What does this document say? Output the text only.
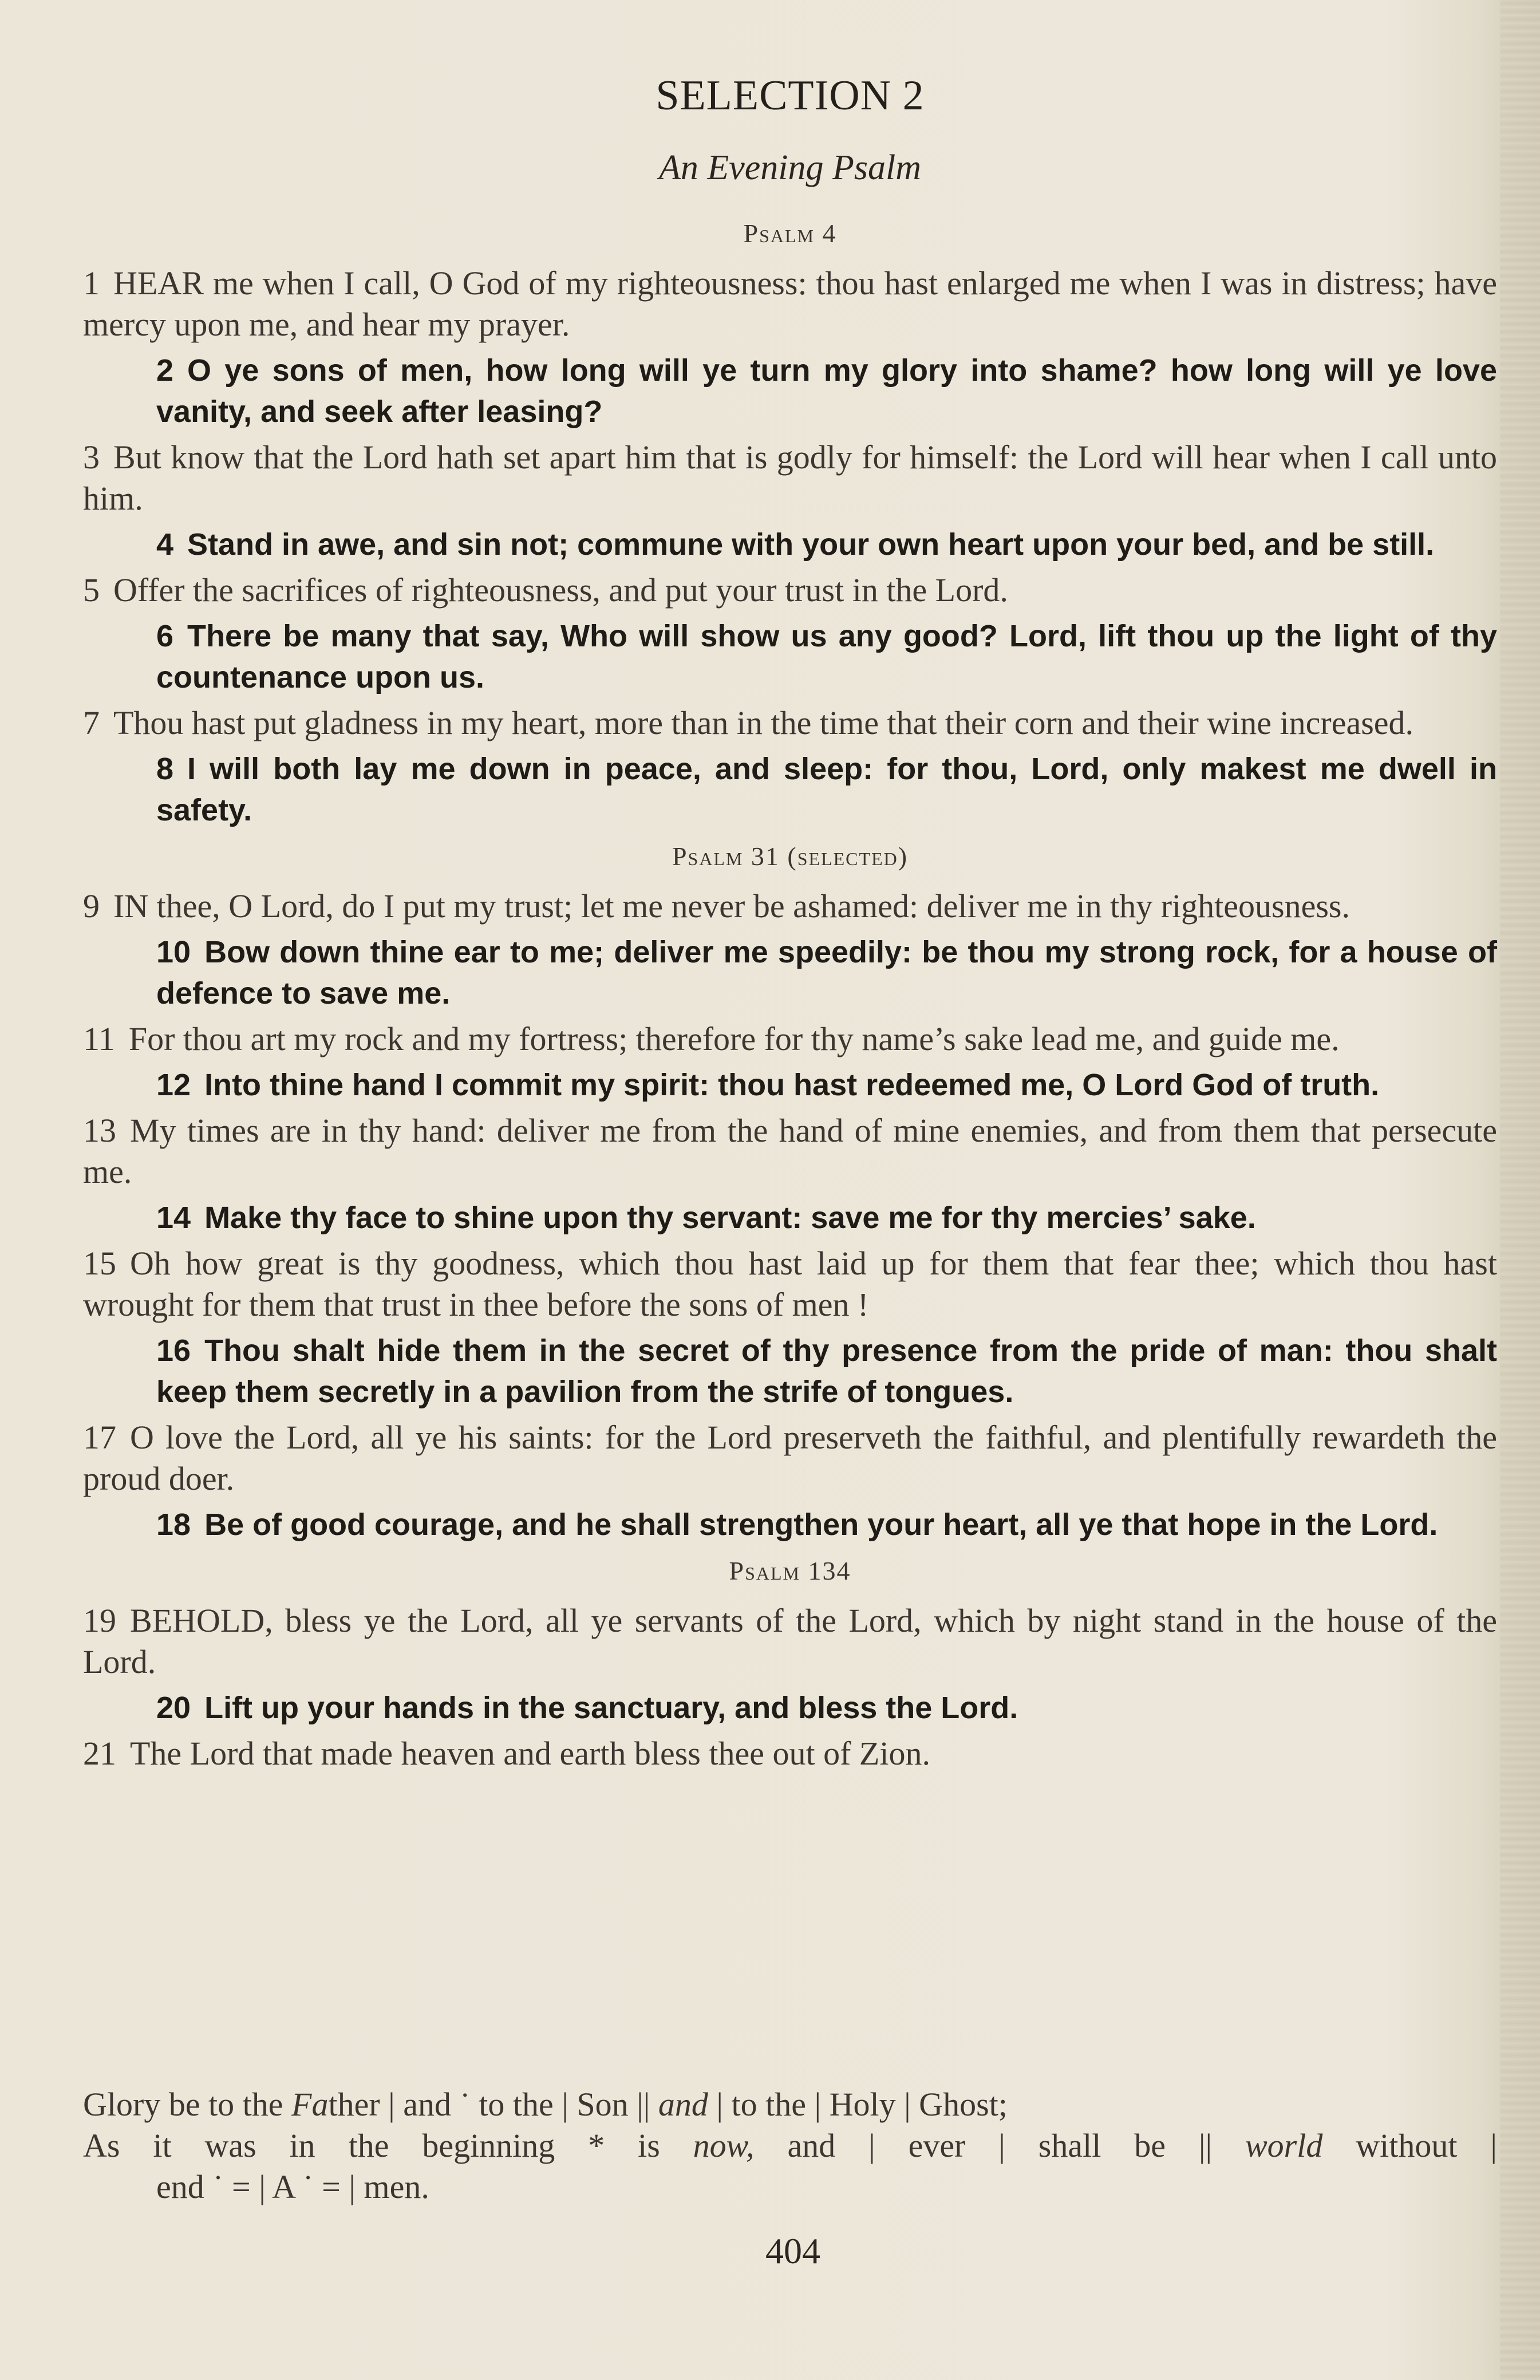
SELECTION 2
An Evening Psalm

Psalm 4

1 HEAR me when I call, O God of my righteousness: thou hast enlarged me when I was in distress; have mercy upon me, and hear my prayer.

2 O ye sons of men, how long will ye turn my glory into shame? how long will ye love vanity, and seek after leasing?

3 But know that the Lord hath set apart him that is godly for himself: the Lord will hear when I call unto him.

4 Stand in awe, and sin not; commune with your own heart upon your bed, and be still.

5 Offer the sacrifices of righteousness, and put your trust in the Lord.

6 There be many that say, Who will show us any good? Lord, lift thou up the light of thy countenance upon us.

7 Thou hast put gladness in my heart, more than in the time that their corn and their wine increased.

8 I will both lay me down in peace, and sleep: for thou, Lord, only makest me dwell in safety.

Psalm 31 (selected)

9 IN thee, O Lord, do I put my trust; let me never be ashamed: deliver me in thy righteousness.

10 Bow down thine ear to me; deliver me speedily: be thou my strong rock, for a house of defence to save me.

11 For thou art my rock and my fortress; therefore for thy name’s sake lead me, and guide me.

12 Into thine hand I commit my spirit: thou hast redeemed me, O Lord God of truth.

13 My times are in thy hand: deliver me from the hand of mine enemies, and from them that persecute me.

14 Make thy face to shine upon thy servant: save me for thy mercies’ sake.

15 Oh how great is thy goodness, which thou hast laid up for them that fear thee; which thou hast wrought for them that trust in thee before the sons of men !

16 Thou shalt hide them in the secret of thy presence from the pride of man: thou shalt keep them secretly in a pavilion from the strife of tongues.

17 O love the Lord, all ye his saints: for the Lord preserveth the faithful, and plentifully rewardeth the proud doer.

18 Be of good courage, and he shall strengthen your heart, all ye that hope in the Lord.

Psalm 134

19 BEHOLD, bless ye the Lord, all ye servants of the Lord, which by night stand in the house of the Lord.

20 Lift up your hands in the sanctuary, and bless the Lord.

21 The Lord that made heaven and earth bless thee out of Zion.

Glory be to the Father | and ˙ to the | Son || and | to the | Holy | Ghost;

As it was in the beginning * is now, and | ever | shall be || world without |

end ˙ = | A ˙ = | men.

404
